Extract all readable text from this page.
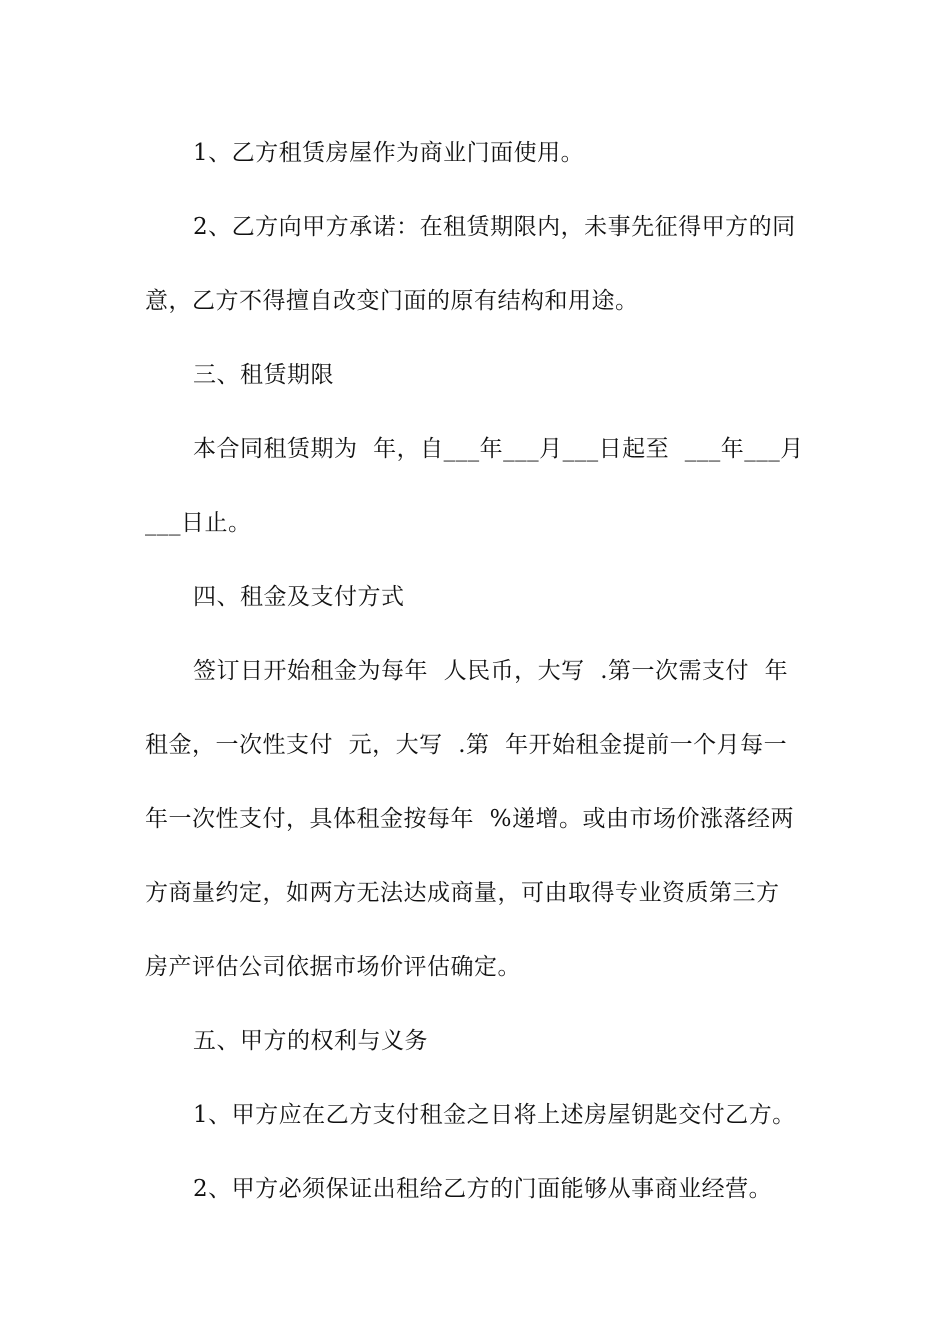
1、乙方租赁房屋作为商业门面使用。
2、乙方向甲方承诺：在租赁期限内，未事先征得甲方的同
意，乙方不得擅自改变门面的原有结构和用途。
三、租赁期限
本合同租赁期为  年，自___年___月___日起至  ___年___月
___日止。
四、租金及支付方式
签订日开始租金为每年  人民币，大写  .第一次需支付  年
租金，一次性支付  元，大写  .第  年开始租金提前一个月每一
年一次性支付，具体租金按每年  %递增。或由市场价涨落经两
方商量约定，如两方无法达成商量，可由取得专业资质第三方
房产评估公司依据市场价评估确定。
五、甲方的权利与义务
1、甲方应在乙方支付租金之日将上述房屋钥匙交付乙方。
2、甲方必须保证出租给乙方的门面能够从事商业经营。
